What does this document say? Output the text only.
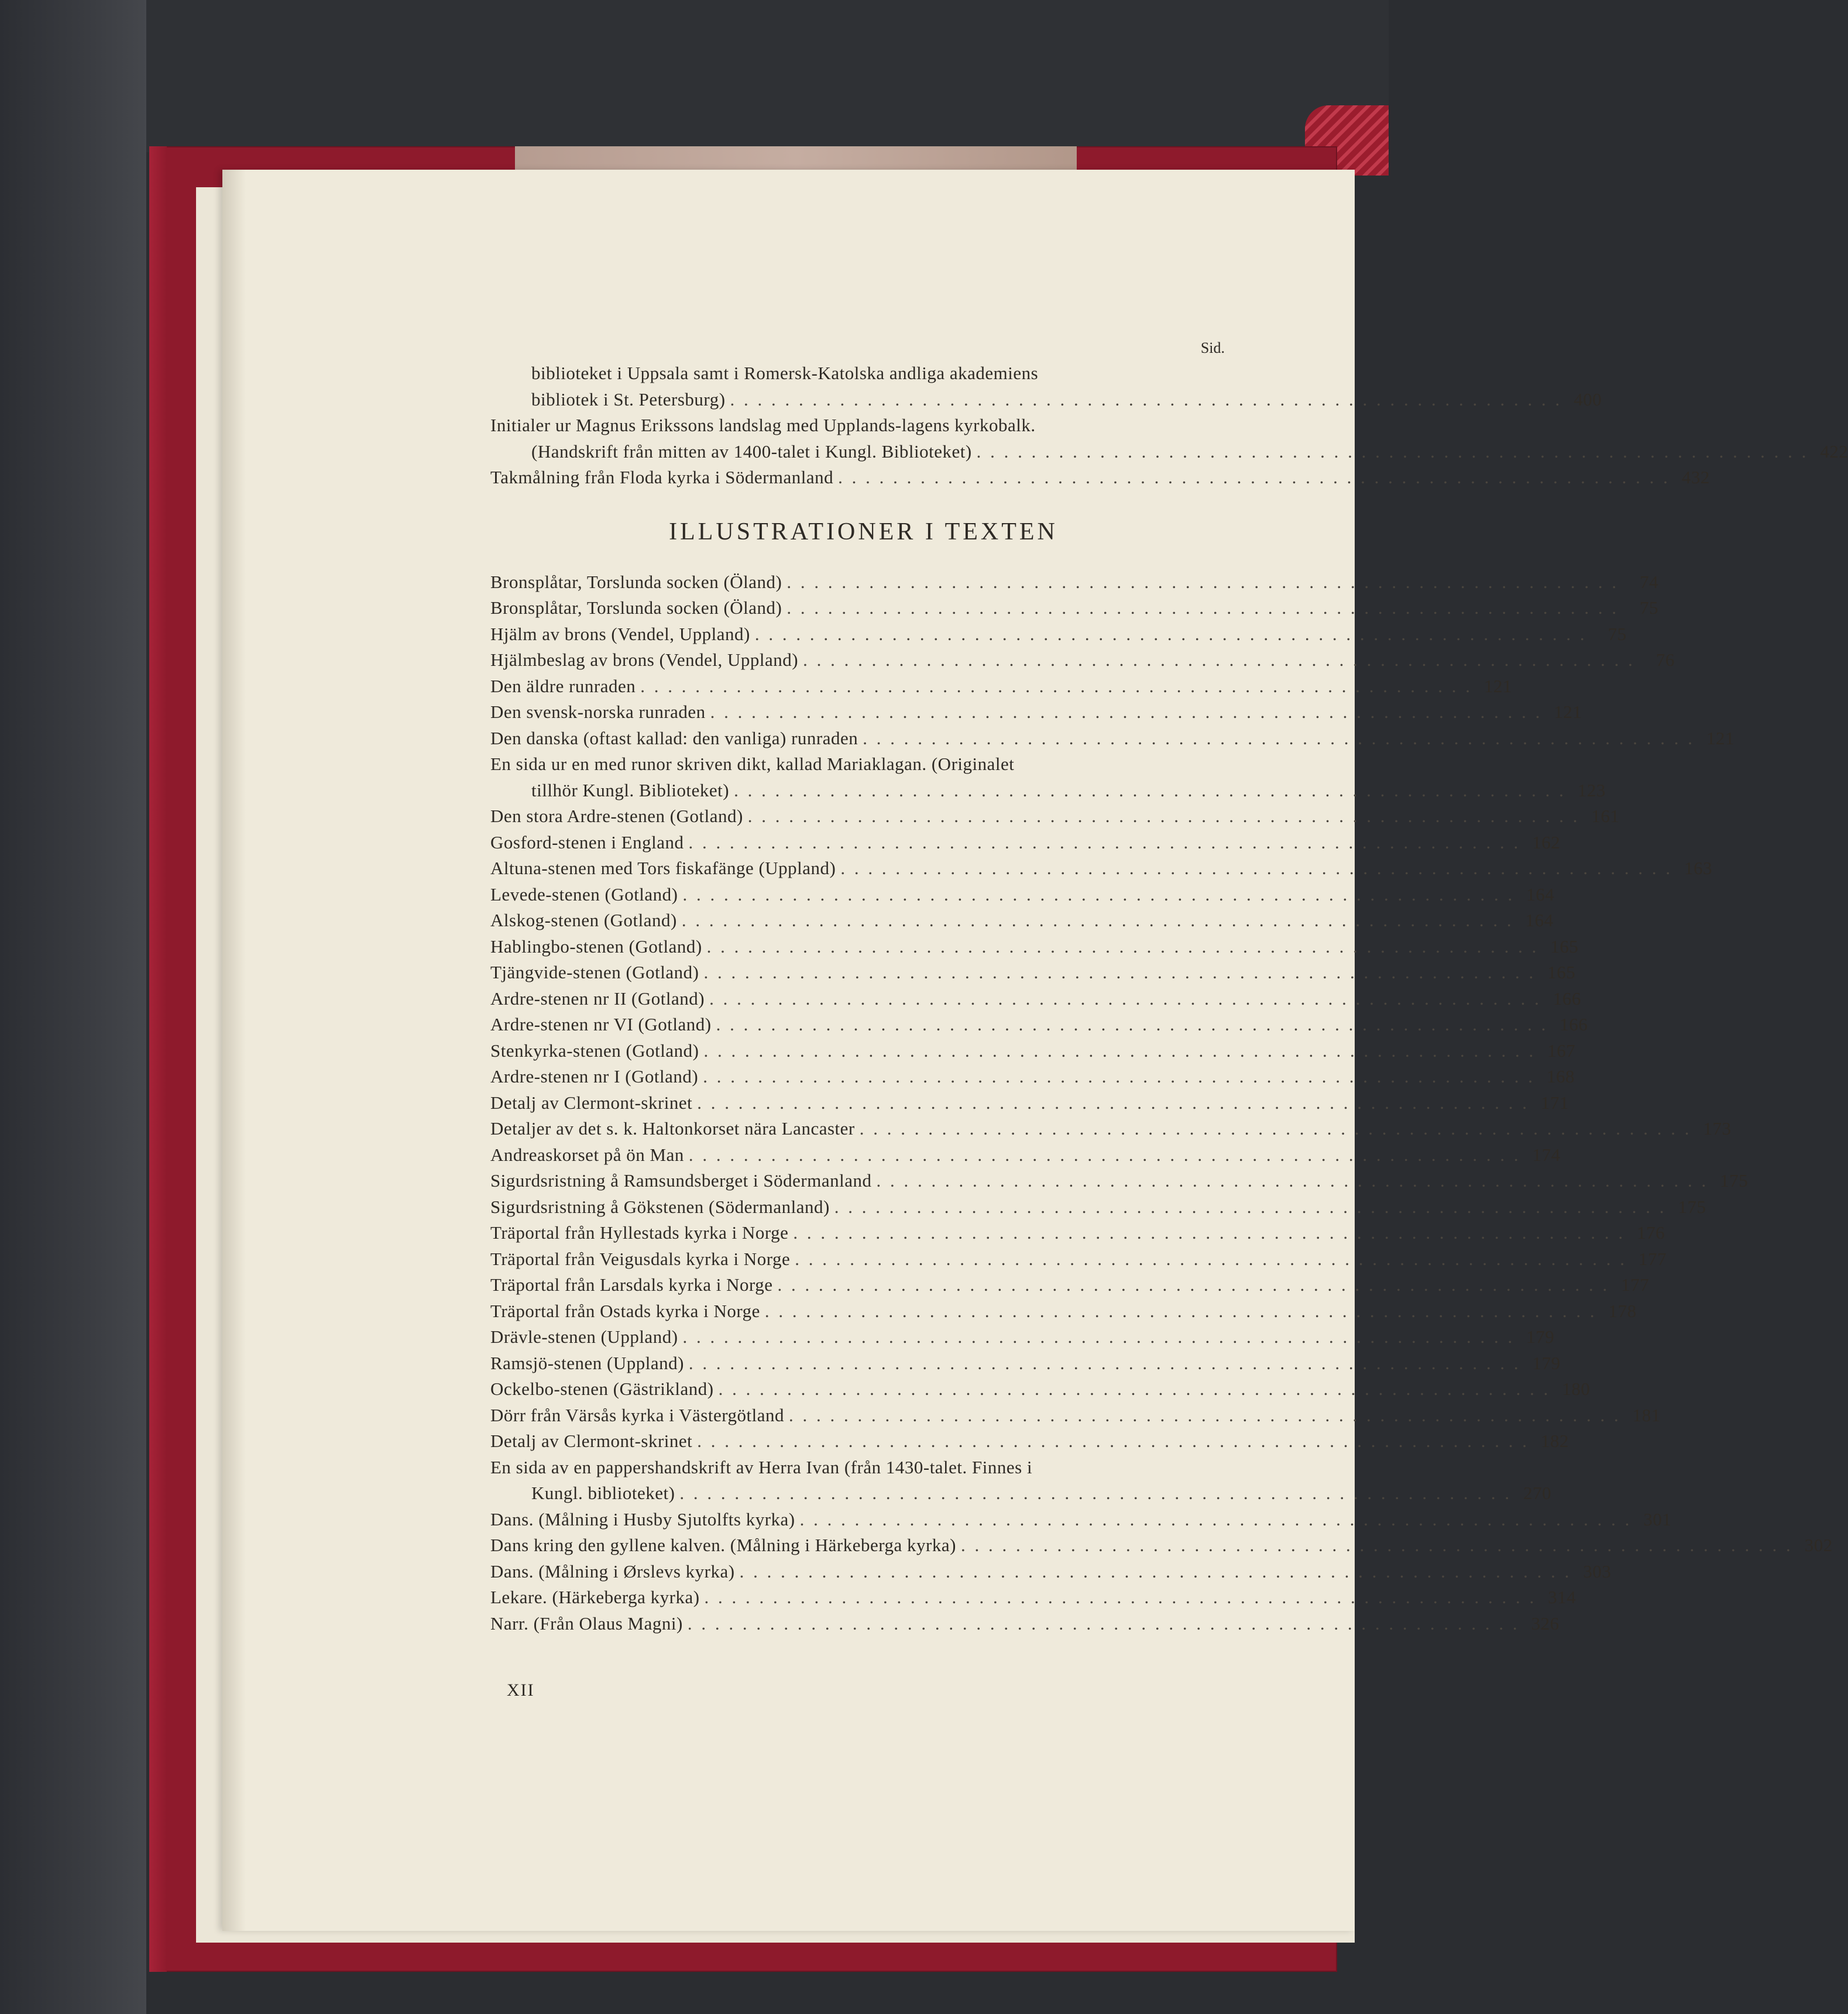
Sid.
biblioteket i Uppsala samt i Romersk-Katolska andliga akademiens
bibliotek i St. Petersburg) . . . . . . . . . . . . . . . . . . . . . . . . . . . . . . . . . . . . . . . . . . . . . . . . . . . . . . . . . . . . . 400
Initialer ur Magnus Erikssons landslag med Upplands-lagens kyrkobalk.
(Handskrift från mitten av 1400-talet i Kungl. Biblioteket) . . . . . . . . . . . . . . . . . . . . . . . . . . . . . . . . . . . . . . . . . . . . . . . . . . . . . . . . . . . . . 422
Takmålning från Floda kyrka i Södermanland . . . . . . . . . . . . . . . . . . . . . . . . . . . . . . . . . . . . . . . . . . . . . . . . . . . . . . . . . . . . . 432
ILLUSTRATIONER I TEXTEN
Bronsplåtar, Torslunda socken (Öland) . . . . . . . . . . . . . . . . . . . . . . . . . . . . . . . . . . . . . . . . . . . . . . . . . . . . . . . . . . . . .	74
Bronsplåtar, Torslunda socken (Öland) . . . . . . . . . . . . . . . . . . . . . . . . . . . . . . . . . . . . . . . . . . . . . . . . . . . . . . . . . . . . .	75
Hjälm av brons (Vendel, Uppland) . . . . . . . . . . . . . . . . . . . . . . . . . . . . . . . . . . . . . . . . . . . . . . . . . . . . . . . . . . . . .	75
Hjälmbeslag av brons (Vendel, Uppland) . . . . . . . . . . . . . . . . . . . . . . . . . . . . . . . . . . . . . . . . . . . . . . . . . . . . . . . . . . . . .	76
Den äldre runraden . . . . . . . . . . . . . . . . . . . . . . . . . . . . . . . . . . . . . . . . . . . . . . . . . . . . . . . . . . . . . 121
Den svensk-norska runraden . . . . . . . . . . . . . . . . . . . . . . . . . . . . . . . . . . . . . . . . . . . . . . . . . . . . . . . . . . . . . 121
Den danska (oftast kallad: den vanliga) runraden . . . . . . . . . . . . . . . . . . . . . . . . . . . . . . . . . . . . . . . . . . . . . . . . . . . . . . . . . . . . . 121
En sida ur en med runor skriven dikt, kallad Mariaklagan. (Originalet
tillhör Kungl. Biblioteket) . . . . . . . . . . . . . . . . . . . . . . . . . . . . . . . . . . . . . . . . . . . . . . . . . . . . . . . . . . . . . 123
Den stora Ardre-stenen (Gotland) . . . . . . . . . . . . . . . . . . . . . . . . . . . . . . . . . . . . . . . . . . . . . . . . . . . . . . . . . . . . . 161
Gosford-stenen i England . . . . . . . . . . . . . . . . . . . . . . . . . . . . . . . . . . . . . . . . . . . . . . . . . . . . . . . . . . . . . 162
Altuna-stenen med Tors fiskafänge (Uppland) . . . . . . . . . . . . . . . . . . . . . . . . . . . . . . . . . . . . . . . . . . . . . . . . . . . . . . . . . . . . . 163
Levede-stenen (Gotland) . . . . . . . . . . . . . . . . . . . . . . . . . . . . . . . . . . . . . . . . . . . . . . . . . . . . . . . . . . . . . 164
Alskog-stenen (Gotland) . . . . . . . . . . . . . . . . . . . . . . . . . . . . . . . . . . . . . . . . . . . . . . . . . . . . . . . . . . . . . 164
Hablingbo-stenen (Gotland) . . . . . . . . . . . . . . . . . . . . . . . . . . . . . . . . . . . . . . . . . . . . . . . . . . . . . . . . . . . . . 165
Tjängvide-stenen (Gotland) . . . . . . . . . . . . . . . . . . . . . . . . . . . . . . . . . . . . . . . . . . . . . . . . . . . . . . . . . . . . . 165
Ardre-stenen nr II (Gotland) . . . . . . . . . . . . . . . . . . . . . . . . . . . . . . . . . . . . . . . . . . . . . . . . . . . . . . . . . . . . . 166
Ardre-stenen nr VI (Gotland) . . . . . . . . . . . . . . . . . . . . . . . . . . . . . . . . . . . . . . . . . . . . . . . . . . . . . . . . . . . . . 166
Stenkyrka-stenen (Gotland) . . . . . . . . . . . . . . . . . . . . . . . . . . . . . . . . . . . . . . . . . . . . . . . . . . . . . . . . . . . . . 167
Ardre-stenen nr I (Gotland) . . . . . . . . . . . . . . . . . . . . . . . . . . . . . . . . . . . . . . . . . . . . . . . . . . . . . . . . . . . . . 168
Detalj av Clermont-skrinet . . . . . . . . . . . . . . . . . . . . . . . . . . . . . . . . . . . . . . . . . . . . . . . . . . . . . . . . . . . . . 171
Detaljer av det s. k. Haltonkorset nära Lancaster . . . . . . . . . . . . . . . . . . . . . . . . . . . . . . . . . . . . . . . . . . . . . . . . . . . . . . . . . . . . . 173
Andreaskorset på ön Man . . . . . . . . . . . . . . . . . . . . . . . . . . . . . . . . . . . . . . . . . . . . . . . . . . . . . . . . . . . . . 174
Sigurdsristning å Ramsundsberget i Södermanland . . . . . . . . . . . . . . . . . . . . . . . . . . . . . . . . . . . . . . . . . . . . . . . . . . . . . . . . . . . . . 175
Sigurdsristning å Gökstenen (Södermanland) . . . . . . . . . . . . . . . . . . . . . . . . . . . . . . . . . . . . . . . . . . . . . . . . . . . . . . . . . . . . . 175
Träportal från Hyllestads kyrka i Norge . . . . . . . . . . . . . . . . . . . . . . . . . . . . . . . . . . . . . . . . . . . . . . . . . . . . . . . . . . . . . 176
Träportal från Veigusdals kyrka i Norge . . . . . . . . . . . . . . . . . . . . . . . . . . . . . . . . . . . . . . . . . . . . . . . . . . . . . . . . . . . . . 177
Träportal från Larsdals kyrka i Norge . . . . . . . . . . . . . . . . . . . . . . . . . . . . . . . . . . . . . . . . . . . . . . . . . . . . . . . . . . . . . 177
Träportal från Ostads kyrka i Norge . . . . . . . . . . . . . . . . . . . . . . . . . . . . . . . . . . . . . . . . . . . . . . . . . . . . . . . . . . . . . 178
Drävle-stenen (Uppland) . . . . . . . . . . . . . . . . . . . . . . . . . . . . . . . . . . . . . . . . . . . . . . . . . . . . . . . . . . . . . 179
Ramsjö-stenen (Uppland) . . . . . . . . . . . . . . . . . . . . . . . . . . . . . . . . . . . . . . . . . . . . . . . . . . . . . . . . . . . . . 179
Ockelbo-stenen (Gästrikland) . . . . . . . . . . . . . . . . . . . . . . . . . . . . . . . . . . . . . . . . . . . . . . . . . . . . . . . . . . . . . 180
Dörr från Värsås kyrka i Västergötland . . . . . . . . . . . . . . . . . . . . . . . . . . . . . . . . . . . . . . . . . . . . . . . . . . . . . . . . . . . . . 181
Detalj av Clermont-skrinet . . . . . . . . . . . . . . . . . . . . . . . . . . . . . . . . . . . . . . . . . . . . . . . . . . . . . . . . . . . . . 182
En sida av en pappershandskrift av Herra Ivan (från 1430-talet. Finnes i
Kungl. biblioteket) . . . . . . . . . . . . . . . . . . . . . . . . . . . . . . . . . . . . . . . . . . . . . . . . . . . . . . . . . . . . . 270
Dans. (Målning i Husby Sjutolfts kyrka) . . . . . . . . . . . . . . . . . . . . . . . . . . . . . . . . . . . . . . . . . . . . . . . . . . . . . . . . . . . . . 301
Dans kring den gyllene kalven. (Målning i Härkeberga kyrka) . . . . . . . . . . . . . . . . . . . . . . . . . . . . . . . . . . . . . . . . . . . . . . . . . . . . . . . . . . . . . 302
Dans. (Målning i Ørslevs kyrka) . . . . . . . . . . . . . . . . . . . . . . . . . . . . . . . . . . . . . . . . . . . . . . . . . . . . . . . . . . . . . 303
Lekare. (Härkeberga kyrka) . . . . . . . . . . . . . . . . . . . . . . . . . . . . . . . . . . . . . . . . . . . . . . . . . . . . . . . . . . . . . 314
Narr. (Från Olaus Magni) . . . . . . . . . . . . . . . . . . . . . . . . . . . . . . . . . . . . . . . . . . . . . . . . . . . . . . . . . . . . . 326
XII
